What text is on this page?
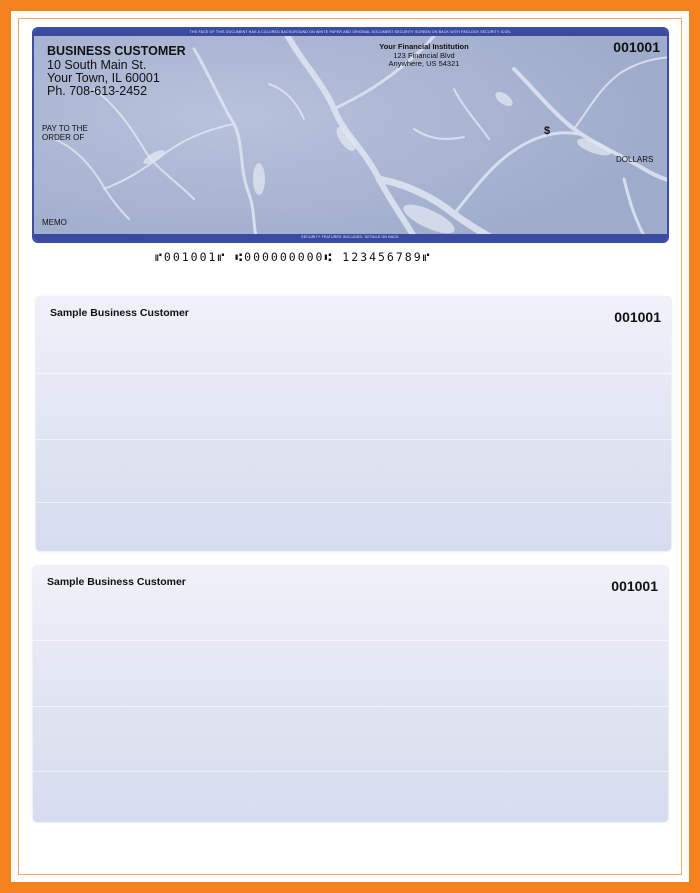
THE FACE OF THIS DOCUMENT HAS A COLORED BACKGROUND ON WHITE PAPER AND ORIGINAL DOCUMENT SECURITY SCREEN ON BACK WITH PADLOCK SECURITY ICON.
BUSINESS CUSTOMER
10 South Main St.
Your Town, IL 60001
Ph. 708-613-2452
Your Financial Institution
123 Financial Blvd
Anywhere, US 54321
001001
PAY TO THE
ORDER OF
$
DOLLARS
MEMO
SECURITY FEATURES INCLUDED. DETAILS ON BACK.
⑈001001⑈ ⑆000000000⑆ 123456789⑈
Sample Business Customer	001001
Sample Business Customer	001001
